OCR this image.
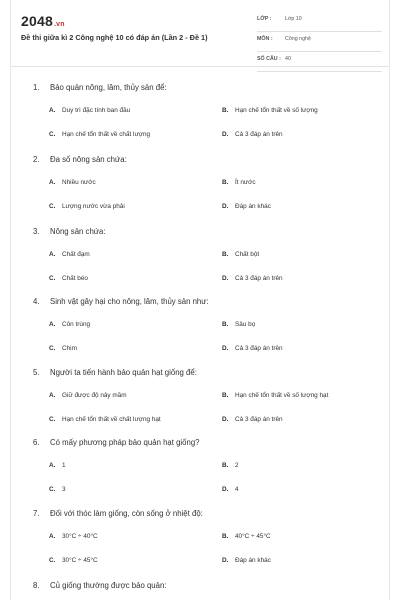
2048.vn
Đề thi giữa kì 2 Công nghệ 10 có đáp án (Lần 2 - Đề 1)
LỚP :	Lớp 10
MÔN : Công nghệ
SỐ CÂU : 40
1. Bảo quản nông, lâm, thủy sản để:
A. Duy trì đặc tính ban đầu	B. Hạn chế tổn thất về số lượng
C. Hạn chế tổn thất về chất lượng	D. Cả 3 đáp án trên
2. Đa số nông sản chứa:
A. Nhiều nước	B. Ít nước
C. Lượng nước vừa phải	D. Đáp án khác
3. Nông sản chứa:
A. Chất đạm	B. Chất bột
C. Chất béo	D. Cả 3 đáp án trên
4. Sinh vật gây hại cho nông, lâm, thủy sản như:
A. Côn trùng	B. Sâu bọ
C. Chim	D. Cả 3 đáp án trên
5. Người ta tiến hành bảo quản hạt giống để:
A. Giữ được độ nảy mầm	B. Hạn chế tổn thất về số lượng hạt
C. Hạn chế tổn thất về chất lượng hạt	D. Cả 3 đáp án trên
6. Có mấy phương pháp bảo quản hạt giống?
A. 1	B. 2
C. 3	D. 4
7. Đối với thóc làm giống, còn sống ở nhiệt độ:
A. 30°C ÷ 40°C	B. 40°C ÷ 45°C
C. 30°C ÷ 45°C	D. Đáp án khác
8. Củ giống thường được bảo quản:
